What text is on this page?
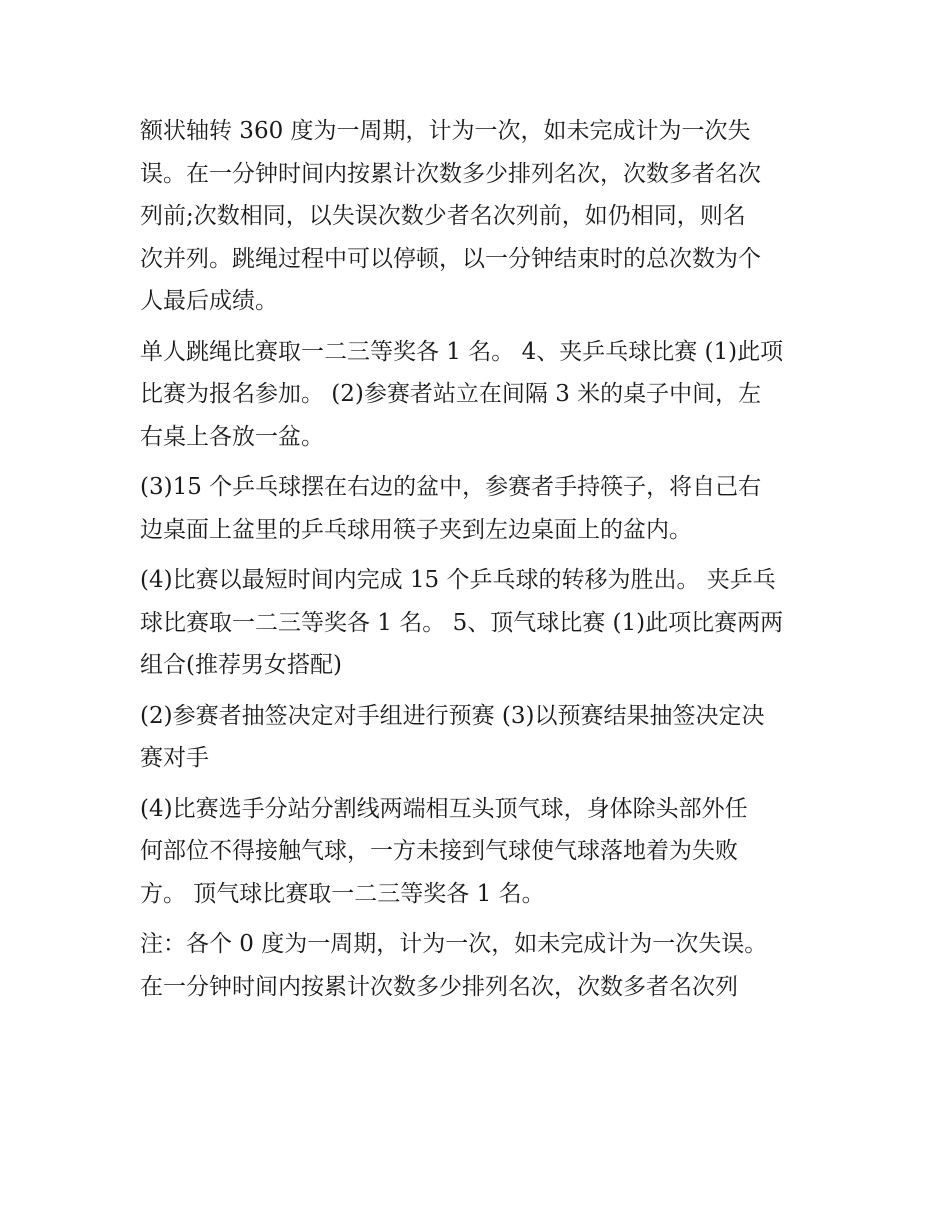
额状轴转 360 度为一周期，计为一次，如未完成计为一次失
误。在一分钟时间内按累计次数多少排列名次，次数多者名次
列前;次数相同，以失误次数少者名次列前，如仍相同，则名
次并列。跳绳过程中可以停顿，以一分钟结束时的总次数为个
人最后成绩。
单人跳绳比赛取一二三等奖各 1 名。 4、夹乒乓球比赛 (1)此项
比赛为报名参加。 (2)参赛者站立在间隔 3 米的桌子中间，左
右桌上各放一盆。
(3)15 个乒乓球摆在右边的盆中，参赛者手持筷子，将自己右
边桌面上盆里的乒乓球用筷子夹到左边桌面上的盆内。
(4)比赛以最短时间内完成 15 个乒乓球的转移为胜出。 夹乒乓
球比赛取一二三等奖各 1 名。 5、顶气球比赛 (1)此项比赛两两
组合(推荐男女搭配)
(2)参赛者抽签决定对手组进行预赛 (3)以预赛结果抽签决定决
赛对手
(4)比赛选手分站分割线两端相互头顶气球，身体除头部外任
何部位不得接触气球，一方未接到气球使气球落地着为失败
方。 顶气球比赛取一二三等奖各 1 名。
注：各个 0 度为一周期，计为一次，如未完成计为一次失误。
在一分钟时间内按累计次数多少排列名次，次数多者名次列
